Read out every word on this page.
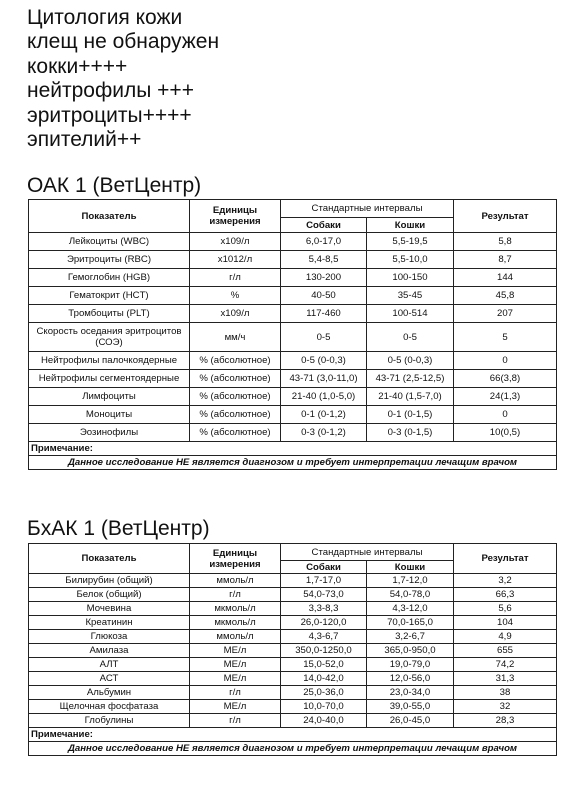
Цитология кожи
клещ не обнаружен
кокки++++
нейтрофилы +++
эритроциты++++
эпителий++
ОАК 1 (ВетЦентр)
Показатель	Единицы измерения	Стандартные интервалы		Результат
		Собаки	Кошки	
Лейкоциты (WBC)	x109/л	6,0-17,0	5,5-19,5	5,8
Эритроциты (RBC)	x1012/л	5,4-8,5	5,5-10,0	8,7
Гемоглобин (HGB)	г/л	130-200	100-150	144
Гематокрит (HCT)	%	40-50	35-45	45,8
Тромбоциты (PLT)	x109/л	117-460	100-514	207
Скорость оседания эритроцитов (СОЭ)	мм/ч	0-5	0-5	5
Нейтрофилы палочкоядерные	% (абсолютное)	0-5 (0-0,3)	0-5 (0-0,3)	0
Нейтрофилы сегментоядерные	% (абсолютное)	43-71 (3,0-11,0)	43-71 (2,5-12,5)	66(3,8)
Лимфоциты	% (абсолютное)	21-40 (1,0-5,0)	21-40 (1,5-7,0)	24(1,3)
Моноциты	% (абсолютное)	0-1 (0-1,2)	0-1 (0-1,5)	0
Эозинофилы	% (абсолютное)	0-3 (0-1,2)	0-3 (0-1,5)	10(0,5)
Примечание:				
Данное исследование НЕ является диагнозом и требует интерпретации лечащим врачом				
БхАК 1 (ВетЦентр)
Показатель	Единицы измерения	Стандартные интервалы		Результат
		Собаки	Кошки	
Билирубин (общий)	ммоль/л	1,7-17,0	1,7-12,0	3,2
Белок (общий)	г/л	54,0-73,0	54,0-78,0	66,3
Мочевина	мкмоль/л	3,3-8,3	4,3-12,0	5,6
Креатинин	мкмоль/л	26,0-120,0	70,0-165,0	104
Глюкоза	ммоль/л	4,3-6,7	3,2-6,7	4,9
Амилаза	МЕ/л	350,0-1250,0	365,0-950,0	655
АЛТ	МЕ/л	15,0-52,0	19,0-79,0	74,2
АСТ	МЕ/л	14,0-42,0	12,0-56,0	31,3
Альбумин	г/л	25,0-36,0	23,0-34,0	38
Щелочная фосфатаза	МЕ/л	10,0-70,0	39,0-55,0	32
Глобулины	г/л	24,0-40,0	26,0-45,0	28,3
Примечание:				
Данное исследование НЕ является диагнозом и требует интерпретации лечащим врачом				
